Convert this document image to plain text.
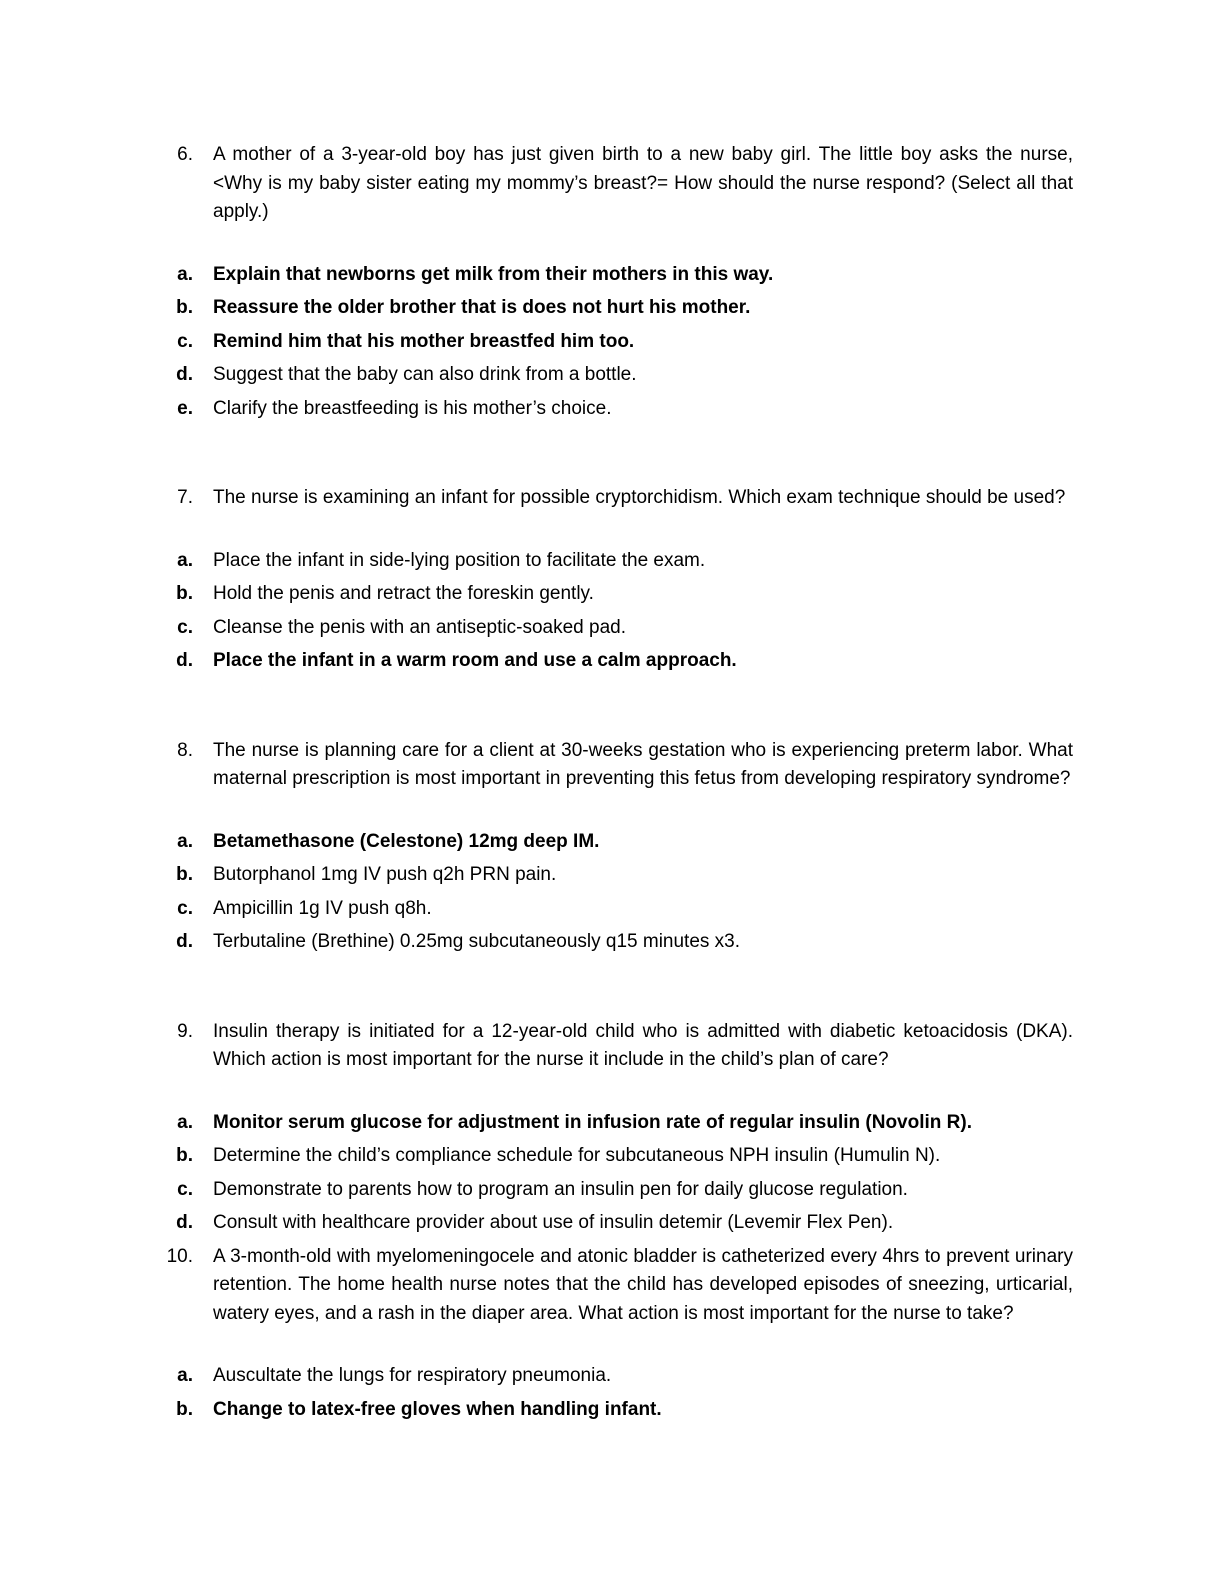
6. A mother of a 3-year-old boy has just given birth to a new baby girl. The little boy asks the nurse, <Why is my baby sister eating my mommy’s breast?= How should the nurse respond? (Select all that apply.)
a. Explain that newborns get milk from their mothers in this way.
b. Reassure the older brother that is does not hurt his mother.
c. Remind him that his mother breastfed him too.
d. Suggest that the baby can also drink from a bottle.
e. Clarify the breastfeeding is his mother’s choice.
7. The nurse is examining an infant for possible cryptorchidism. Which exam technique should be used?
a. Place the infant in side-lying position to facilitate the exam.
b. Hold the penis and retract the foreskin gently.
c. Cleanse the penis with an antiseptic-soaked pad.
d. Place the infant in a warm room and use a calm approach.
8. The nurse is planning care for a client at 30-weeks gestation who is experiencing preterm labor. What maternal prescription is most important in preventing this fetus from developing respiratory syndrome?
a. Betamethasone (Celestone) 12mg deep IM.
b. Butorphanol 1mg IV push q2h PRN pain.
c. Ampicillin 1g IV push q8h.
d. Terbutaline (Brethine) 0.25mg subcutaneously q15 minutes x3.
9. Insulin therapy is initiated for a 12-year-old child who is admitted with diabetic ketoacidosis (DKA). Which action is most important for the nurse it include in the child’s plan of care?
a. Monitor serum glucose for adjustment in infusion rate of regular insulin (Novolin R).
b. Determine the child’s compliance schedule for subcutaneous NPH insulin (Humulin N).
c. Demonstrate to parents how to program an insulin pen for daily glucose regulation.
d. Consult with healthcare provider about use of insulin detemir (Levemir Flex Pen).
10. A 3-month-old with myelomeningocele and atonic bladder is catheterized every 4hrs to prevent urinary retention. The home health nurse notes that the child has developed episodes of sneezing, urticarial, watery eyes, and a rash in the diaper area. What action is most important for the nurse to take?
a. Auscultate the lungs for respiratory pneumonia.
b. Change to latex-free gloves when handling infant.
